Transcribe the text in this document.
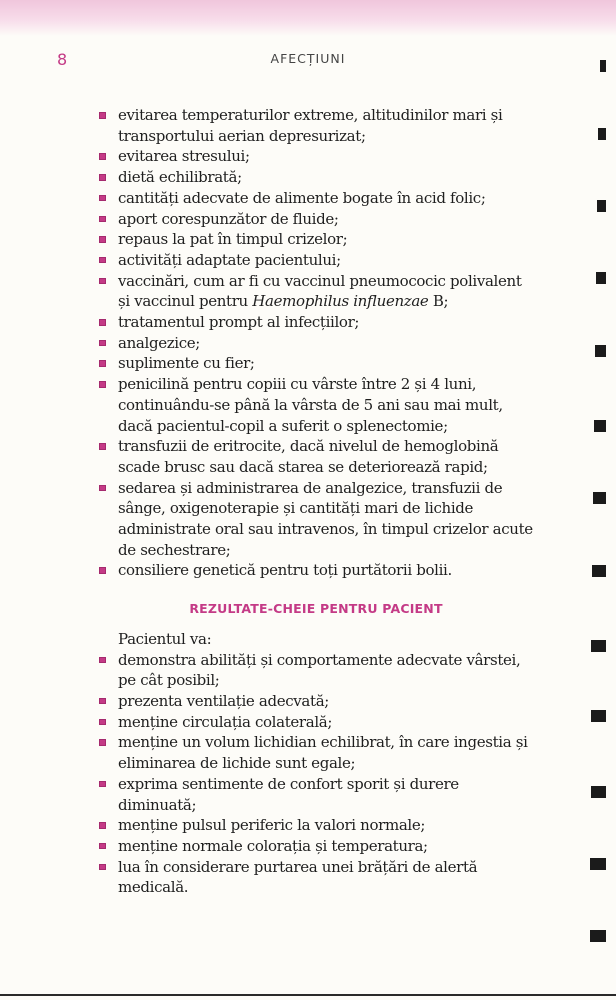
8	AFECȚIUNI
evitarea temperaturilor extreme, altitudinilor mari și transportului aerian depresurizat;
evitarea stresului;
dietă echilibrată;
cantități adecvate de alimente bogate în acid folic;
aport corespunzător de fluide;
repaus la pat în timpul crizelor;
activități adaptate pacientului;
vaccinări, cum ar fi cu vaccinul pneumococic polivalent și vaccinul pentru Haemophilus influenzae B;
tratamentul prompt al infecțiilor;
analgezice;
suplimente cu fier;
penicilină pentru copiii cu vârste între 2 și 4 luni, continuându-se până la vârsta de 5 ani sau mai mult, dacă pacientul-copil a suferit o splenectomie;
transfuzii de eritrocite, dacă nivelul de hemoglobină scade brusc sau dacă starea se deteriorează rapid;
sedarea și administrarea de analgezice, transfuzii de sânge, oxigenoterapie și cantități mari de lichide administrate oral sau intravenos, în timpul crizelor acute de sechestrare;
consiliere genetică pentru toți purtătorii bolii.
REZULTATE-CHEIE PENTRU PACIENT
Pacientul va:
demonstra abilități și comportamente adecvate vârstei, pe cât posibil;
prezenta ventilație adecvată;
menține circulația colaterală;
menține un volum lichidian echilibrat, în care ingestia și eliminarea de lichide sunt egale;
exprima sentimente de confort sporit și durere diminuată;
menține pulsul periferic la valori normale;
menține normale colorația și temperatura;
lua în considerare purtarea unei brățări de alertă medicală.
